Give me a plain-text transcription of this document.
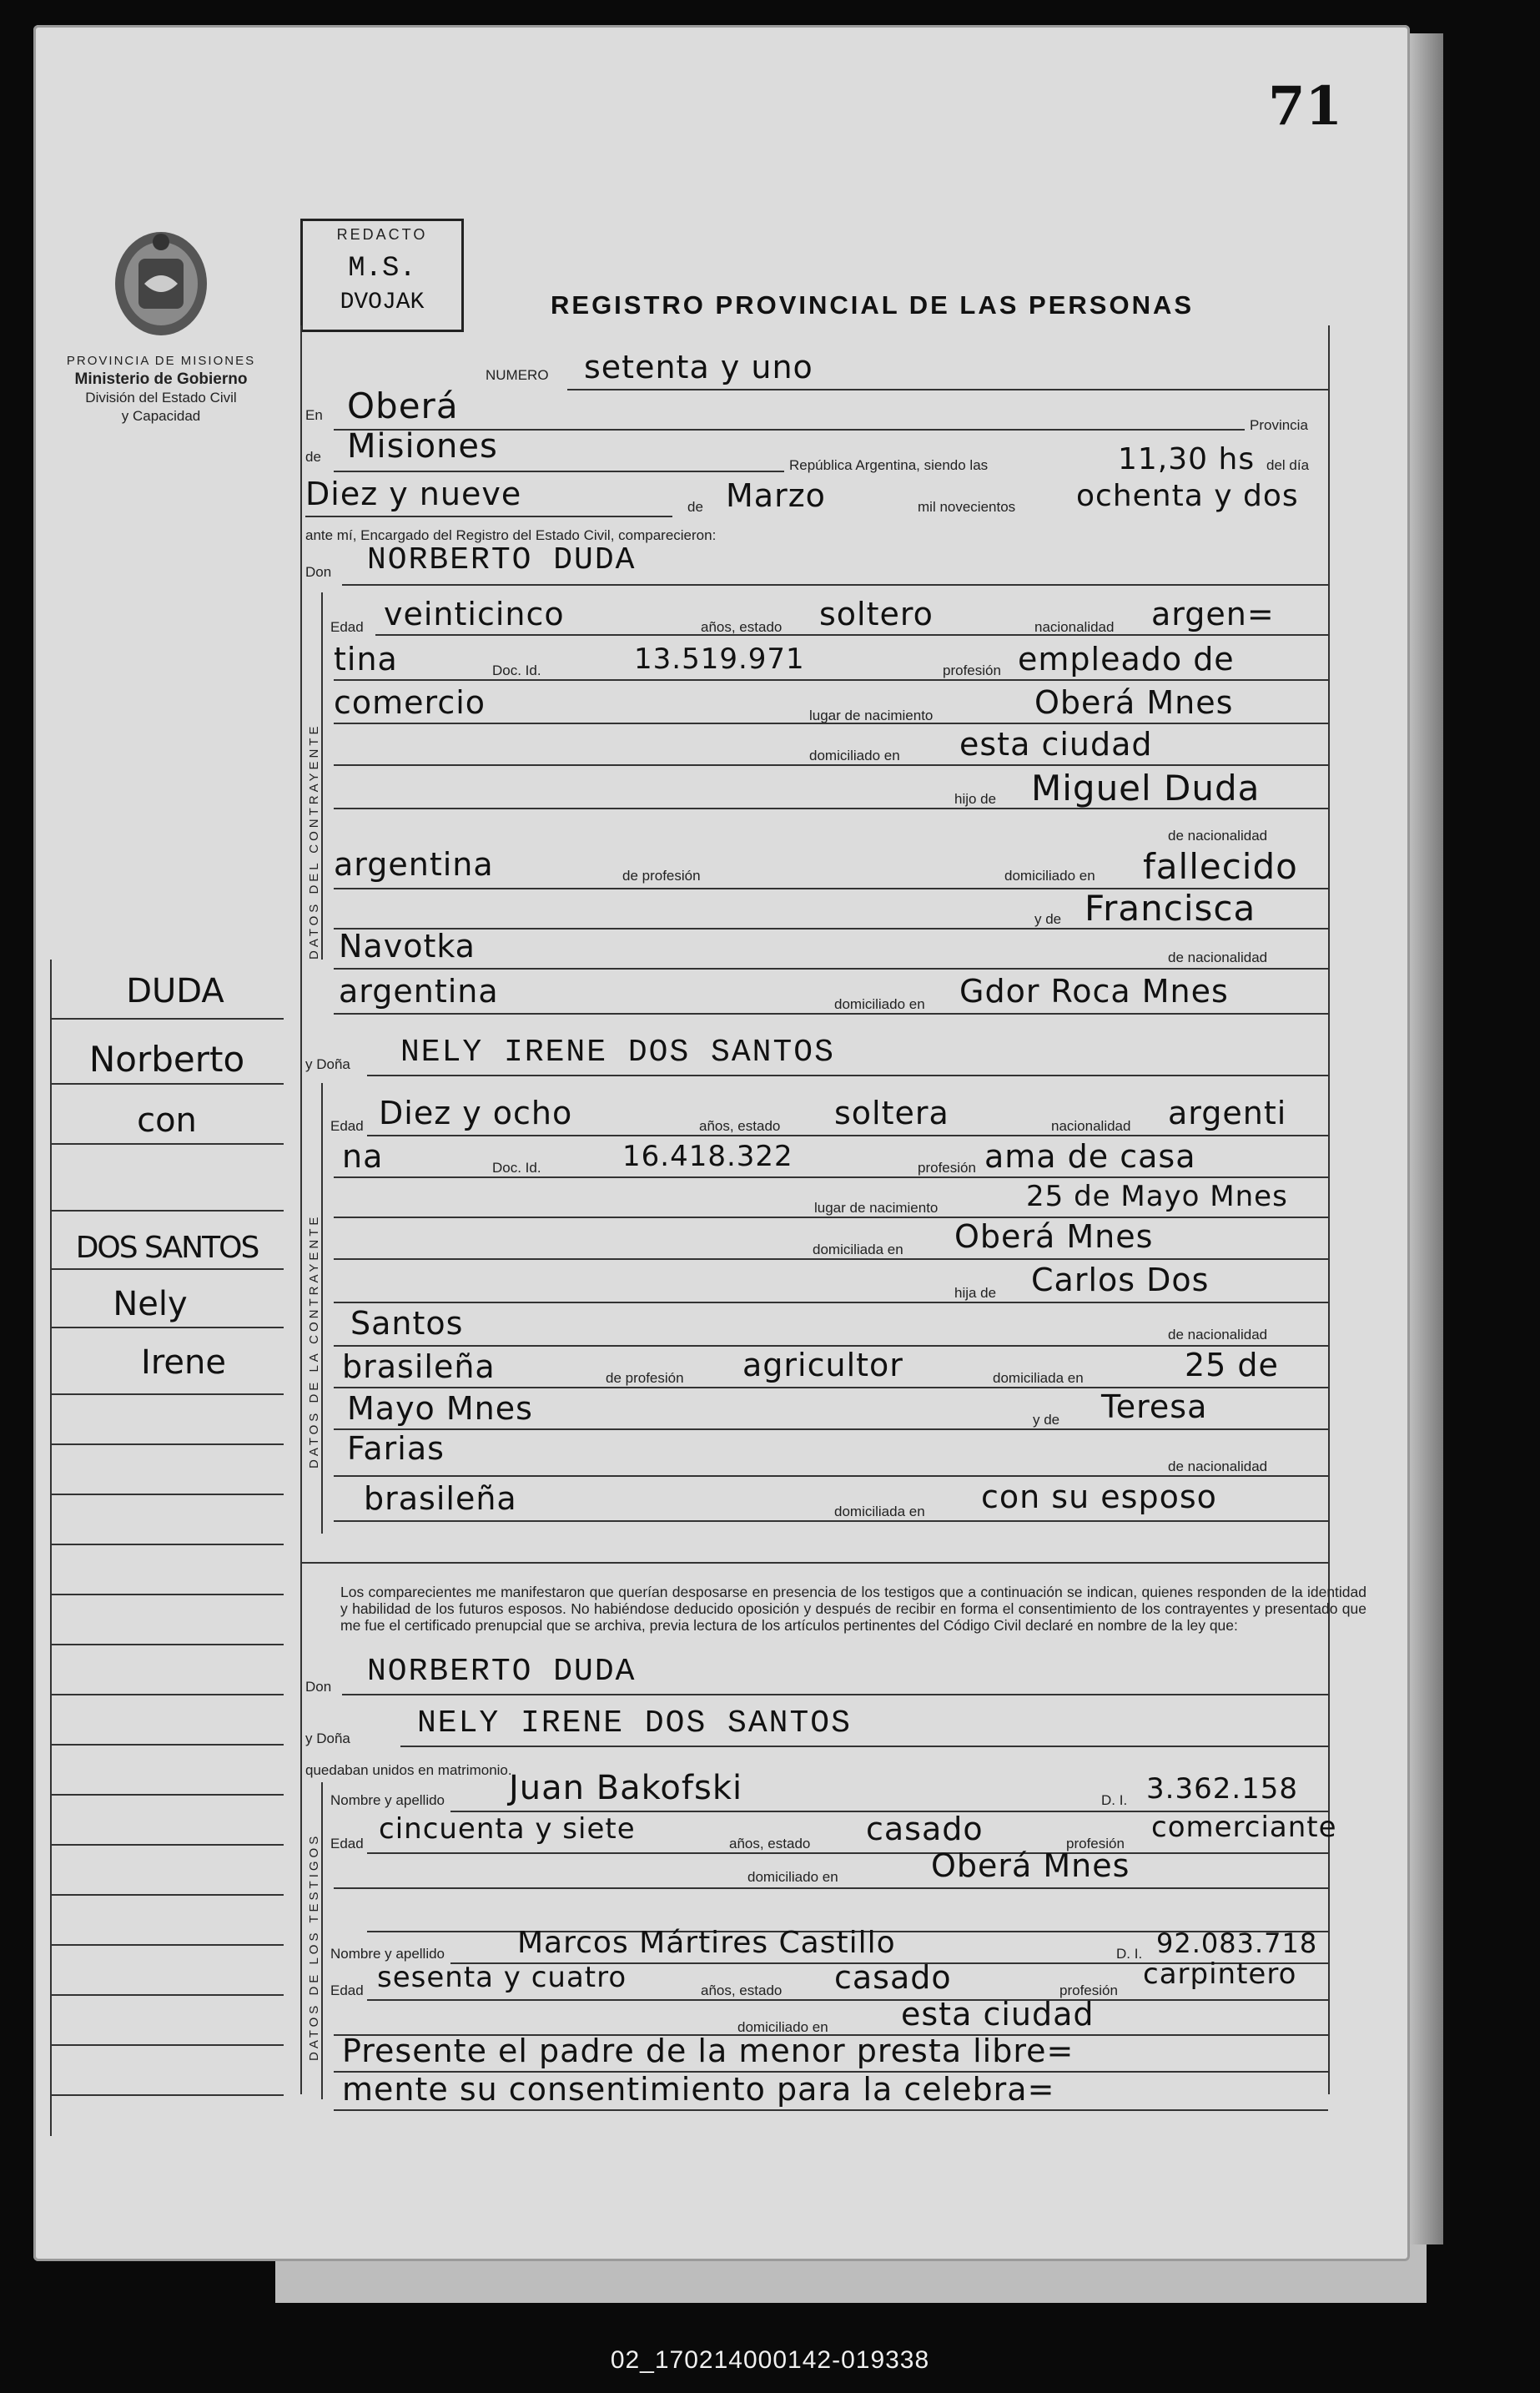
71
PROVINCIA DE MISIONES
Ministerio de Gobierno
División del Estado Civil
y Capacidad
REDACTO
M.S.
DVOJAK	REGISTRO PROVINCIAL DE LAS PERSONAS
DUDA
Norberto
con
DOS SANTOS
Nely
Irene
NUMERO setenta y uno
En Oberá	Provincia
de Misiones	República Argentina, siendo las	11,30 hs del día
Diez y nueve	de Marzo	mil novecientos ochenta y dos
ante mí, Encargado del Registro del Estado Civil, comparecieron:
Don NORBERTO DUDA
DATOS DEL CONTRAYENTE
Edad veinticinco	años, estado soltero	nacionalidad argen=
tina	Doc. Id.	13.519.971	profesión empleado de
comercio	lugar de nacimiento	Oberá Mnes
domiciliado en esta ciudad
hijo de Miguel Duda
de nacionalidad
argentina	de profesión	domiciliado en fallecido
y de Francisca
Navotka	de nacionalidad
argentina	domiciliado en Gdor Roca Mnes
y Doña NELY IRENE DOS SANTOS
DATOS DE LA CONTRAYENTE
Edad Diez y ocho	años, estado soltera	nacionalidad argenti
na	Doc. Id.	16.418.322	profesión ama de casa
lugar de nacimiento	25 de Mayo Mnes
domiciliada en Oberá Mnes
hija de Carlos Dos
Santos	de nacionalidad
brasileña	de profesión agricultor	domiciliada en	25 de
Mayo Mnes	y de Teresa
Farias	de nacionalidad
brasileña	domiciliada en con su esposo
Los comparecientes me manifestaron que querían desposarse en presencia de los testigos que a continuación se indican, quienes responden de la identidad y habilidad de los futuros esposos. No habiéndose deducido oposición y después de recibir en forma el consentimiento de los contrayentes y presentado que me fue el certificado prenupcial que se archiva, previa lectura de los artículos pertinentes del Código Civil declaré en nombre de la ley que:
Don NORBERTO DUDA
y Doña NELY IRENE DOS SANTOS
quedaban unidos en matrimonio.
DATOS DE LOS TESTIGOS
Nombre y apellido Juan Bakofski	D. I. 3.362.158
Edad cincuenta y siete	años, estado casado	profesión comerciante
domiciliado en	Oberá Mnes
Nombre y apellido Marcos Mártires Castillo	D. I. 92.083.718
Edad sesenta y cuatro	años, estado casado	profesión carpintero
domiciliado en esta ciudad
Presente el padre de la menor presta libre=
mente su consentimiento para la celebra=
02_170214000142-019338
